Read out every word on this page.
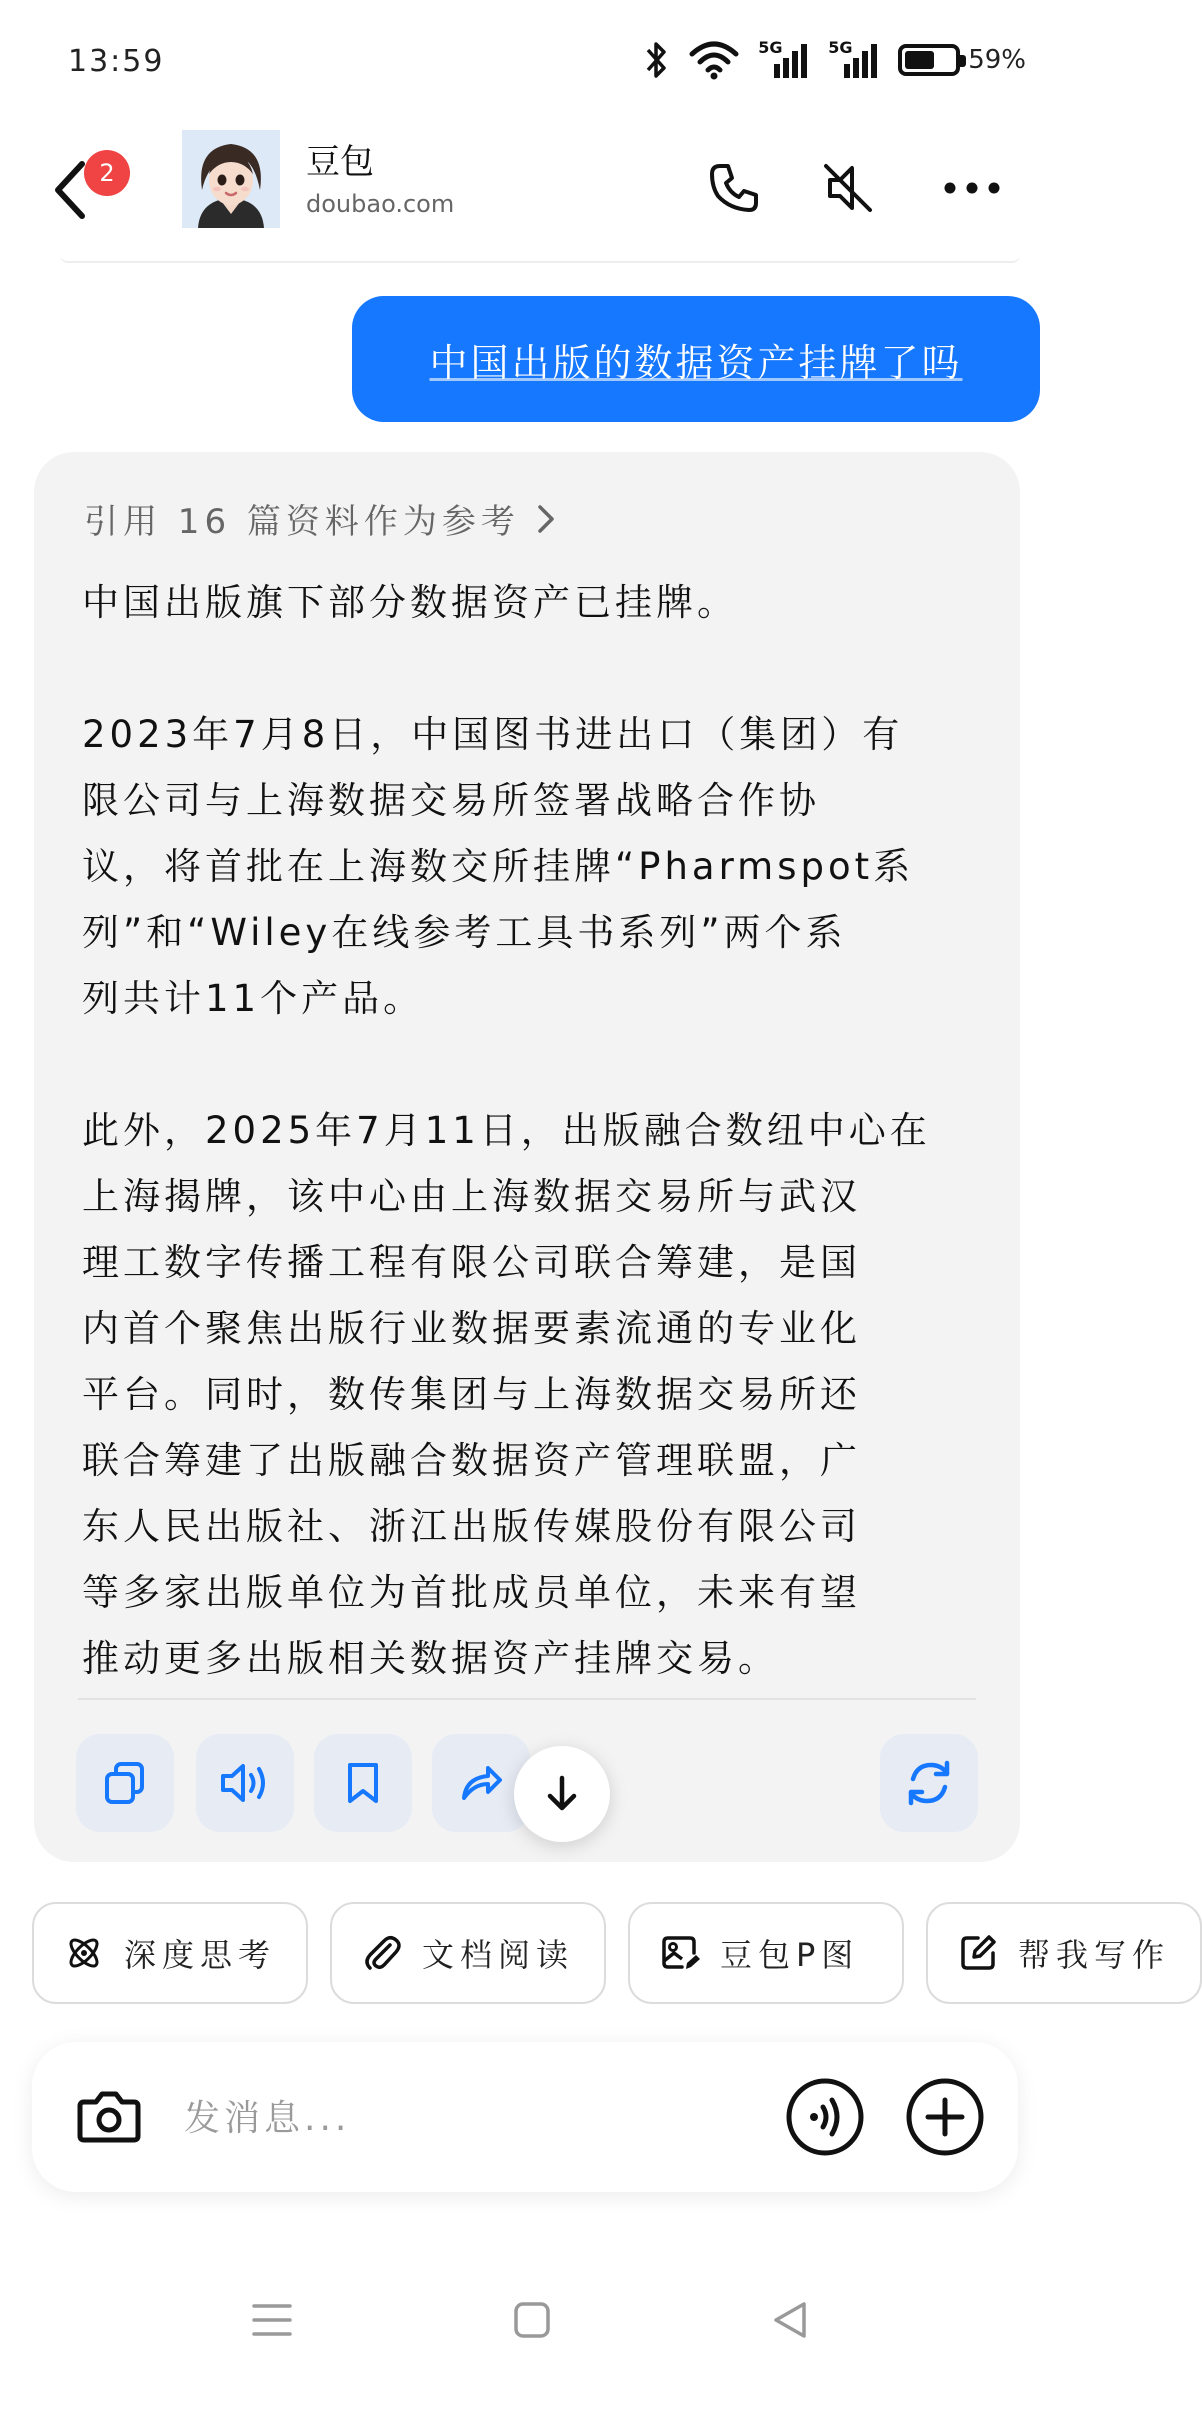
13:59	5G	5G	59%
2	豆包
doubao.com
中国出版的数据资产挂牌了吗
引用 16 篇资料作为参考
中国出版旗下部分数据资产已挂牌。

2023年7月8日，中国图书进出口（集团）有
限公司与上海数据交易所签署战略合作协
议，将首批在上海数交所挂牌“Pharmspot系
列”和“Wiley在线参考工具书系列”两个系
列共计11个产品。

此外，2025年7月11日，出版融合数纽中心在
上海揭牌，该中心由上海数据交易所与武汉
理工数字传播工程有限公司联合筹建，是国
内首个聚焦出版行业数据要素流通的专业化
平台。同时，数传集团与上海数据交易所还
联合筹建了出版融合数据资产管理联盟，广
东人民出版社、浙江出版传媒股份有限公司
等多家出版单位为首批成员单位，未来有望
推动更多出版相关数据资产挂牌交易。
深度思考	文档阅读	豆包P图	帮我写作
发消息...
